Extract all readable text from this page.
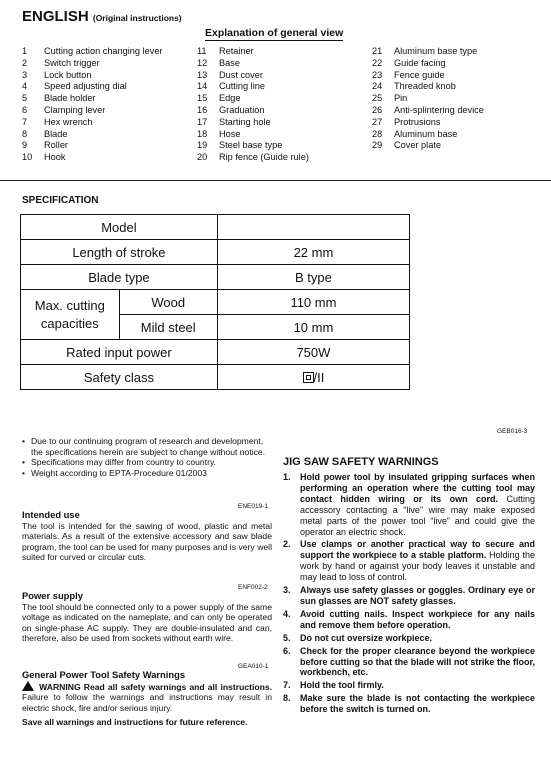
ENGLISH (Original instructions)
Explanation of general view
1	Cutting action changing lever
2	Switch trigger
3	Lock button
4	Speed adjusting dial
5	Blade holder
6	Clamping lever
7	Hex wrench
8	Blade
9	Roller
10	Hook
11	Retainer
12	Base
13	Dust cover
14	Cutting line
15	Edge
16	Graduation
17	Starting hole
18	Hose
19	Steel base type
20	Rip fence (Guide rule)
21	Aluminum base type
22	Guide facing
23	Fence guide
24	Threaded knob
25	Pin
26	Anti-splintering device
27	Protrusions
28	Aluminum base
29	Cover plate
SPECIFICATION
Model		
Length of stroke		22 mm
Blade type		B type
Max. cutting capacities	Wood	110 mm
	Mild steel	10 mm
Rated input power		750W
Safety class		/II
GEB016-3
• Due to our continuing program of research and development, the specifications herein are subject to change without notice.
• Specifications may differ from country to country.
• Weight according to EPTA-Procedure 01/2003
ENE019-1
Intended use

The tool is intended for the sawing of wood, plastic and metal materials. As a result of the extensive accessory and saw blade program, the tool can be used for many purposes and is very well suited for curved or circular cuts.

ENF002-2
Power supply

The tool should be connected only to a power supply of the same voltage as indicated on the nameplate, and can only be operated on single-phase AC supply. They are double-insulated and can, therefore, also be used from sockets without earth wire.

GEA010-1
General Power Tool Safety Warnings

WARNING Read all safety warnings and all instructions. Failure to follow the warnings and instructions may result in electric shock, fire and/or serious injury.

Save all warnings and instructions for future reference.

JIG SAW SAFETY WARNINGS
1.	Hold power tool by insulated gripping surfaces when performing an operation where the cutting tool may contact hidden wiring or its own cord. Cutting accessory contacting a “live” wire may make exposed metal parts of the power tool “live” and could give the operator an electric shock.
2.	Use clamps or another practical way to secure and support the workpiece to a stable platform. Holding the work by hand or against your body leaves it unstable and may lead to loss of control.
3.	Always use safety glasses or goggles. Ordinary eye or sun glasses are NOT safety glasses.
4.	Avoid cutting nails. Inspect workpiece for any nails and remove them before operation.
5.	Do not cut oversize workpiece.
6.	Check for the proper clearance beyond the workpiece before cutting so that the blade will not strike the floor, workbench, etc.
7.	Hold the tool firmly.
8.	Make sure the blade is not contacting the workpiece before the switch is turned on.
